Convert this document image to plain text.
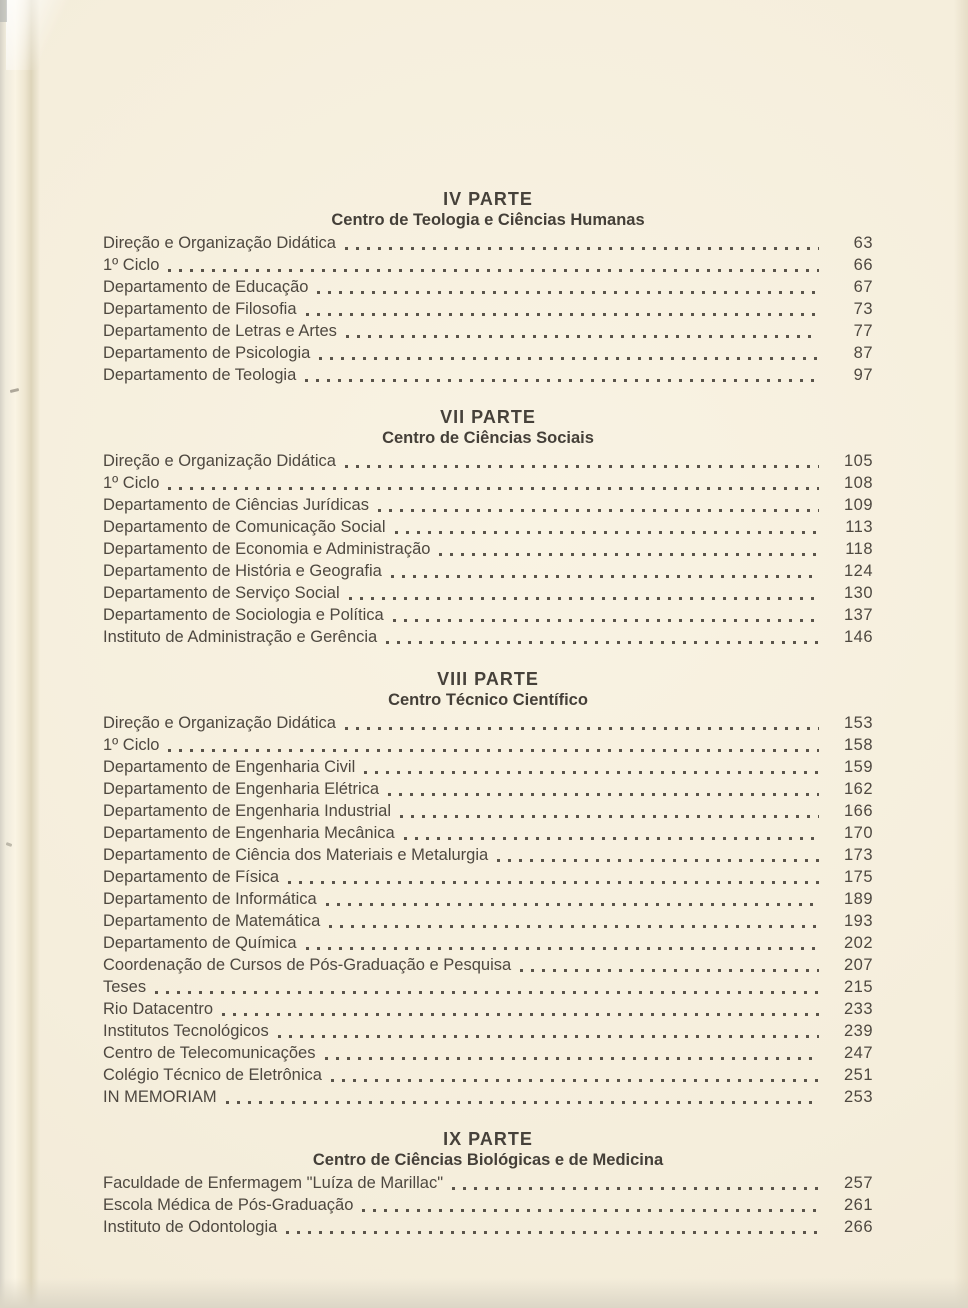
IV PARTE
Centro de Teologia e Ciências Humanas
Direção e Organização Didática	63
1º Ciclo	66
Departamento de Educação	67
Departamento de Filosofia	73
Departamento de Letras e Artes	77
Departamento de Psicologia	87
Departamento de Teologia	97
VII PARTE
Centro de Ciências Sociais
Direção e Organização Didática	105
1º Ciclo	108
Departamento de Ciências Jurídicas	109
Departamento de Comunicação Social	113
Departamento de Economia e Administração	118
Departamento de História e Geografia	124
Departamento de Serviço Social	130
Departamento de Sociologia e Política	137
Instituto de Administração e Gerência	146
VIII PARTE
Centro Técnico Científico
Direção e Organização Didática	153
1º Ciclo	158
Departamento de Engenharia Civil	159
Departamento de Engenharia Elétrica	162
Departamento de Engenharia Industrial	166
Departamento de Engenharia Mecânica	170
Departamento de Ciência dos Materiais e Metalurgia	173
Departamento de Física	175
Departamento de Informática	189
Departamento de Matemática	193
Departamento de Química	202
Coordenação de Cursos de Pós-Graduação e Pesquisa	207
Teses	215
Rio Datacentro	233
Institutos Tecnológicos	239
Centro de Telecomunicações	247
Colégio Técnico de Eletrônica	251
IN MEMORIAM	253
IX PARTE
Centro de Ciências Biológicas e de Medicina
Faculdade de Enfermagem "Luíza de Marillac"	257
Escola Médica de Pós-Graduação	261
Instituto de Odontologia	266
